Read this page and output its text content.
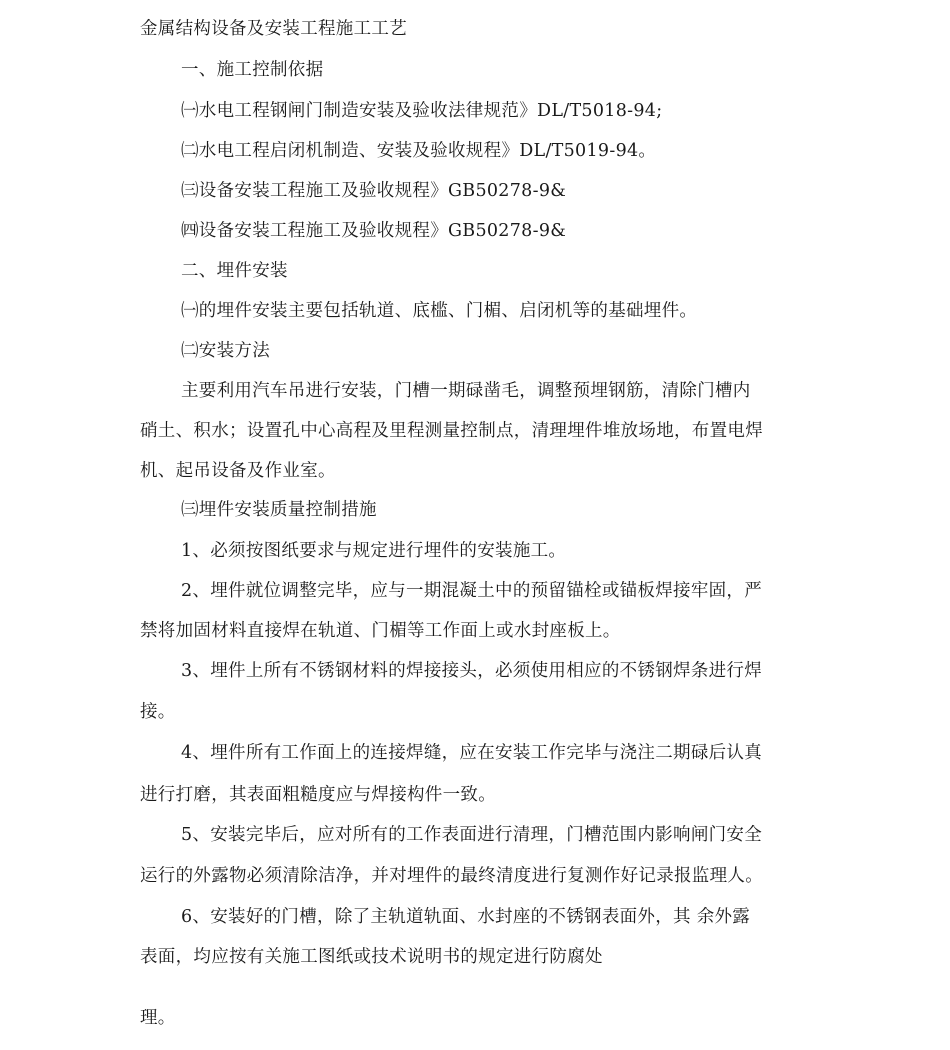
金属结构设备及安装工程施工工艺
一、施工控制依据
㈠水电工程钢闸门制造安装及验收法律规范》DL/T5018-94;
㈡水电工程启闭机制造、安装及验收规程》DL/T5019-94。
㈢设备安装工程施工及验收规程》GB50278-9&
㈣设备安装工程施工及验收规程》GB50278-9&
二、埋件安装
㈠的埋件安装主要包括轨道、底槛、门楣、启闭机等的基础埋件。
㈡安装方法
主要利用汽车吊进行安装，门槽一期碌凿毛，调整预埋钢筋，清除门槽内
硝土、积水；设置孔中心高程及里程测量控制点，清理埋件堆放场地，布置电焊
机、起吊设备及作业室。
㈢埋件安装质量控制措施
1、必须按图纸要求与规定进行埋件的安装施工。
2、埋件就位调整完毕，应与一期混凝土中的预留锚栓或锚板焊接牢固，严
禁将加固材料直接焊在轨道、门楣等工作面上或水封座板上。
3、埋件上所有不锈钢材料的焊接接头，必须使用相应的不锈钢焊条进行焊
接。
4、埋件所有工作面上的连接焊缝，应在安装工作完毕与浇注二期碌后认真
进行打磨，其表面粗糙度应与焊接构件一致。
5、安装完毕后，应对所有的工作表面进行清理，门槽范围内影响闸门安全
运行的外露物必须清除洁净，并对埋件的最终清度进行复测作好记录报监理人。
6、安装好的门槽，除了主轨道轨面、水封座的不锈钢表面外，其 余外露
表面，均应按有关施工图纸或技术说明书的规定进行防腐处
理。
